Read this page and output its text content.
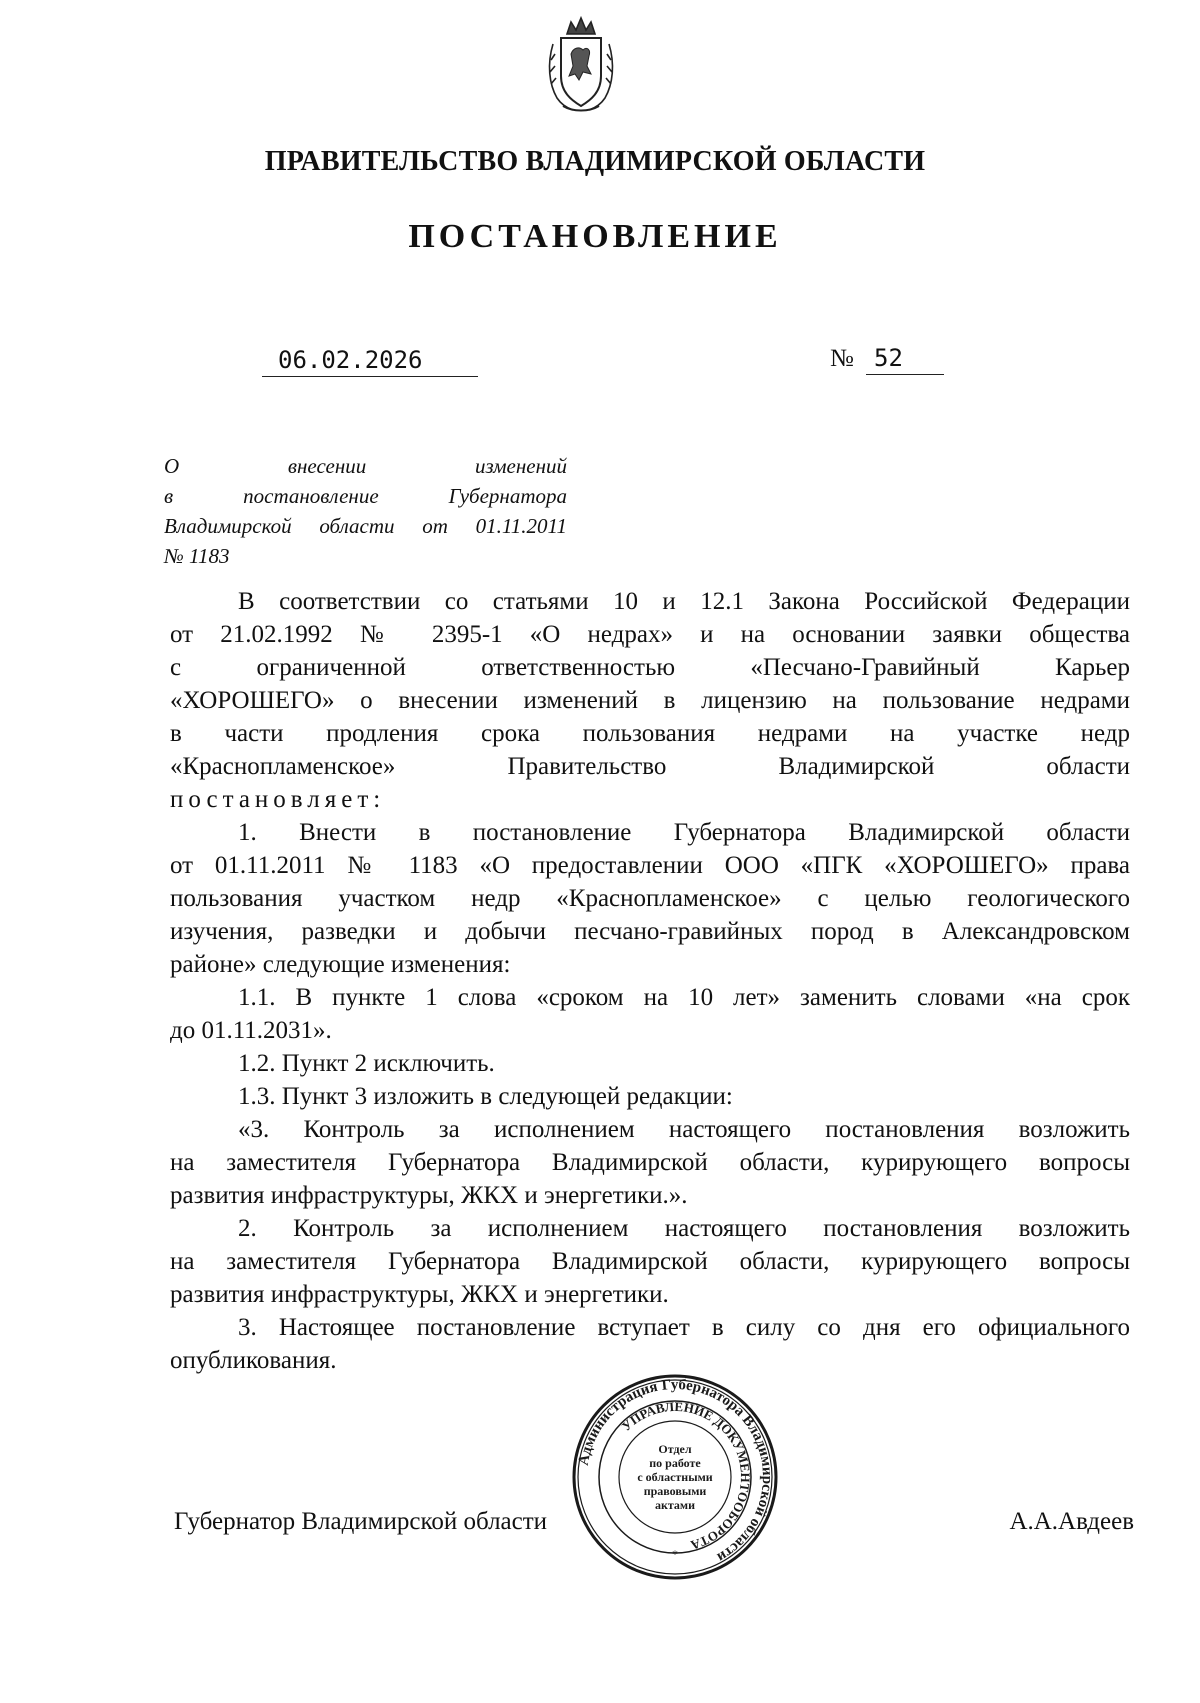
ПРАВИТЕЛЬСТВО ВЛАДИМИРСКОЙ ОБЛАСТИ
ПОСТАНОВЛЕНИЕ
06.02.2026	№ 52
О внесении изменений
в постановление Губернатора
Владимирской области от 01.11.2011
№ 1183
В соответствии со статьями 10 и 12.1 Закона Российской Федерации
от 21.02.1992 № 2395-1 «О недрах» и на основании заявки общества
с ограниченной ответственностью «Песчано-Гравийный Карьер
«ХОРОШЕГО» о внесении изменений в лицензию на пользование недрами
в части продления срока пользования недрами на участке недр
«Краснопламенское» Правительство Владимирской области
постановляет:
1. Внести в постановление Губернатора Владимирской области
от 01.11.2011 № 1183 «О предоставлении ООО «ПГК «ХОРОШЕГО» права
пользования участком недр «Краснопламенское» с целью геологического
изучения, разведки и добычи песчано-гравийных пород в Александровском
районе» следующие изменения:
1.1. В пункте 1 слова «сроком на 10 лет» заменить словами «на срок
до 01.11.2031».
1.2. Пункт 2 исключить.
1.3. Пункт 3 изложить в следующей редакции:
«3. Контроль за исполнением настоящего постановления возложить
на заместителя Губернатора Владимирской области, курирующего вопросы
развития инфраструктуры, ЖКХ и энергетики.».
2. Контроль за исполнением настоящего постановления возложить
на заместителя Губернатора Владимирской области, курирующего вопросы
развития инфраструктуры, ЖКХ и энергетики.
3. Настоящее постановление вступает в силу со дня его официального
опубликования.
Губернатор Владимирской области	А.А.Авдеев
Администрация Губернатора Владимирской области
УПРАВЛЕНИЕ ДОКУМЕНТООБОРОТА
Отдел
по работе
с областными
правовыми
актами
*
